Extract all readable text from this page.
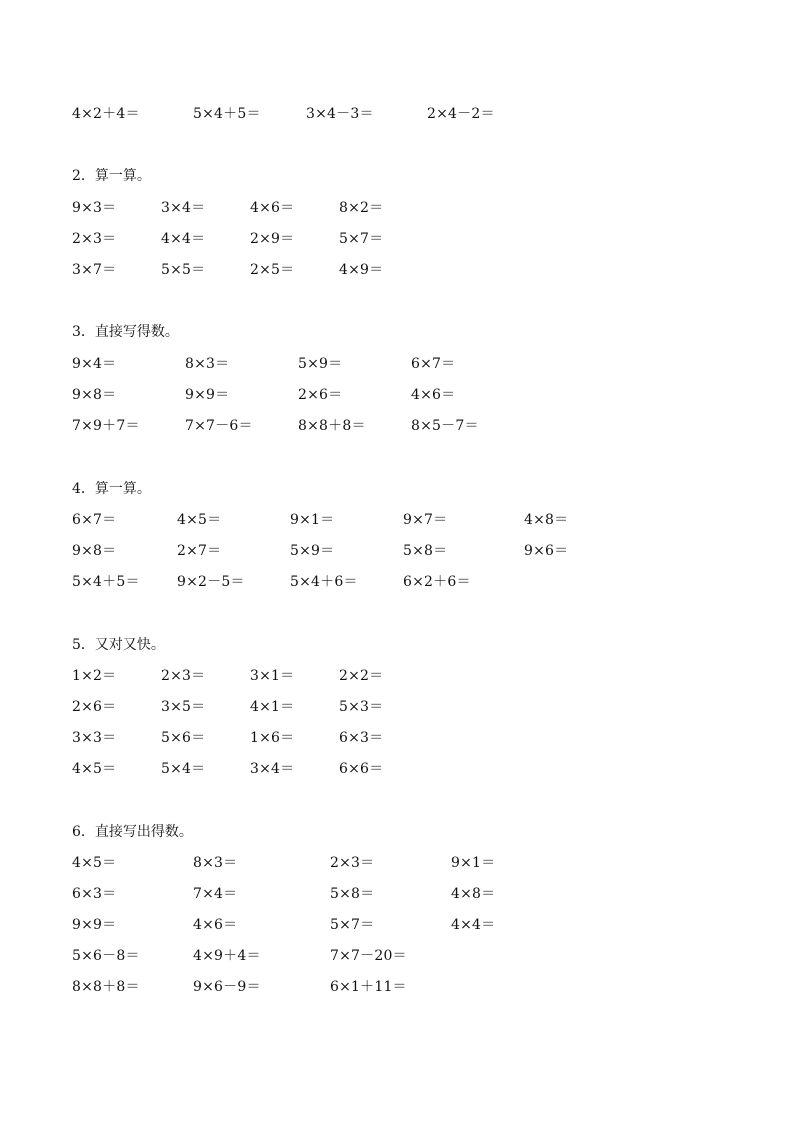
4×2＋4＝	5×4＋5＝	3×4－3＝	2×4－2＝
2．算一算。
9×3＝	3×4＝	4×6＝	8×2＝
2×3＝	4×4＝	2×9＝	5×7＝
3×7＝	5×5＝	2×5＝	4×9＝
3．直接写得数。
9×4＝	8×3＝	5×9＝	6×7＝
9×8＝	9×9＝	2×6＝	4×6＝
7×9＋7＝	7×7－6＝	8×8＋8＝	8×5－7＝
4．算一算。
6×7＝	4×5＝	9×1＝	9×7＝	4×8＝
9×8＝	2×7＝	5×9＝	5×8＝	9×6＝
5×4＋5＝	9×2－5＝	5×4＋6＝	6×2＋6＝
5．又对又快。
1×2＝	2×3＝	3×1＝	2×2＝
2×6＝	3×5＝	4×1＝	5×3＝
3×3＝	5×6＝	1×6＝	6×3＝
4×5＝	5×4＝	3×4＝	6×6＝
6．直接写出得数。
4×5＝	8×3＝	2×3＝	9×1＝
6×3＝	7×4＝	5×8＝	4×8＝
9×9＝	4×6＝	5×7＝	4×4＝
5×6－8＝	4×9＋4＝	7×7－20＝
8×8＋8＝	9×6－9＝	6×1＋11＝
